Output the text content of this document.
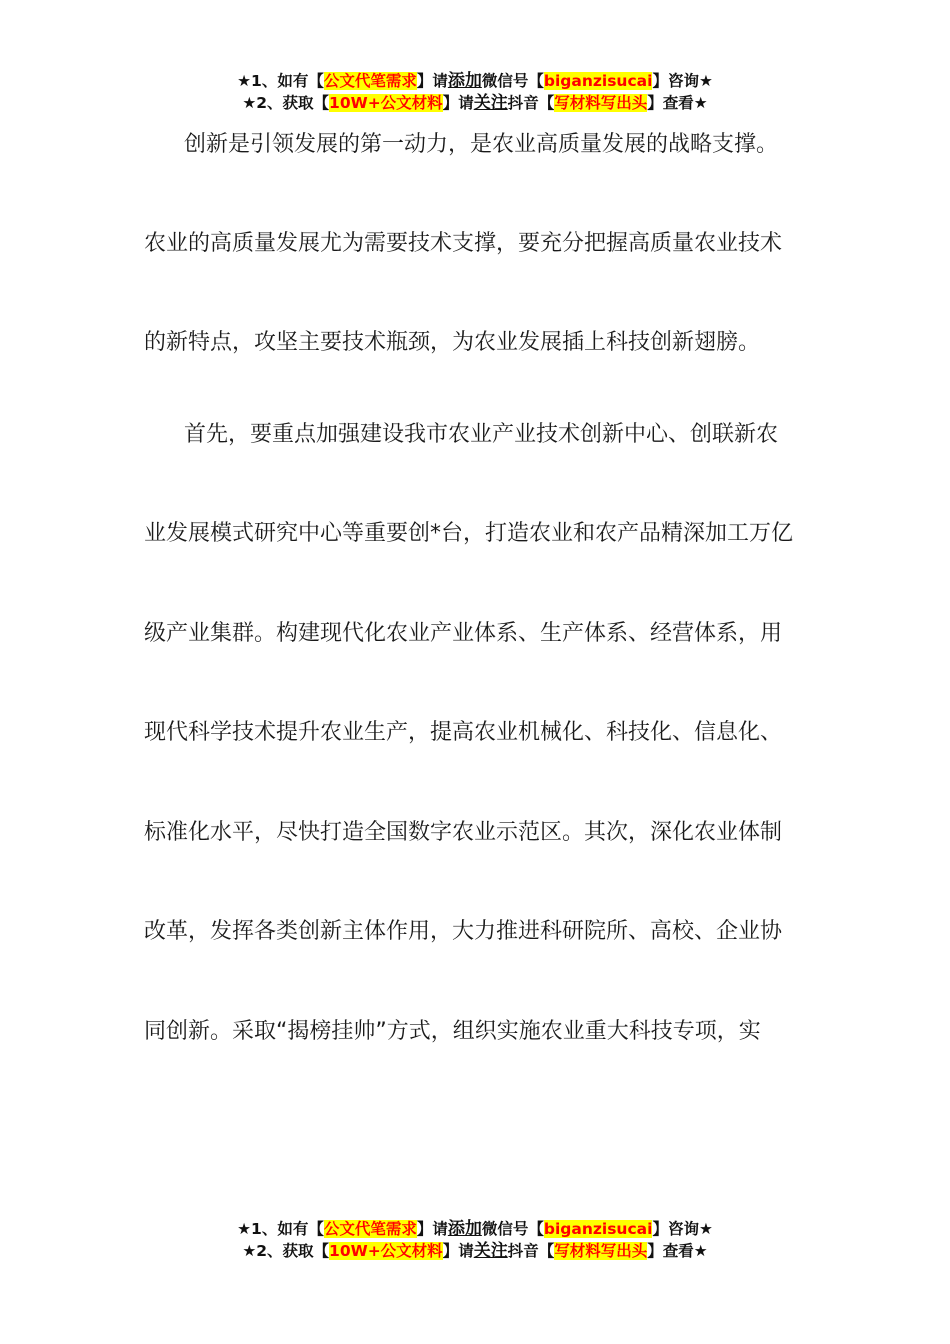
★1、如有【公文代笔需求】请添加微信号【biganzisucai】咨询★
★2、获取【10W+公文材料】请关注抖音【写材料写出头】查看★
创新是引领发展的第一动力，是农业高质量发展的战略支撑。
农业的高质量发展尤为需要技术支撑，要充分把握高质量农业技术
的新特点，攻坚主要技术瓶颈，为农业发展插上科技创新翅膀。
首先，要重点加强建设我市农业产业技术创新中心、创联新农
业发展模式研究中心等重要创*台，打造农业和农产品精深加工万亿
级产业集群。构建现代化农业产业体系、生产体系、经营体系，用
现代科学技术提升农业生产，提高农业机械化、科技化、信息化、
标准化水平，尽快打造全国数字农业示范区。其次，深化农业体制
改革，发挥各类创新主体作用，大力推进科研院所、高校、企业协
同创新。采取“揭榜挂帅”方式，组织实施农业重大科技专项，实
★1、如有【公文代笔需求】请添加微信号【biganzisucai】咨询★
★2、获取【10W+公文材料】请关注抖音【写材料写出头】查看★
